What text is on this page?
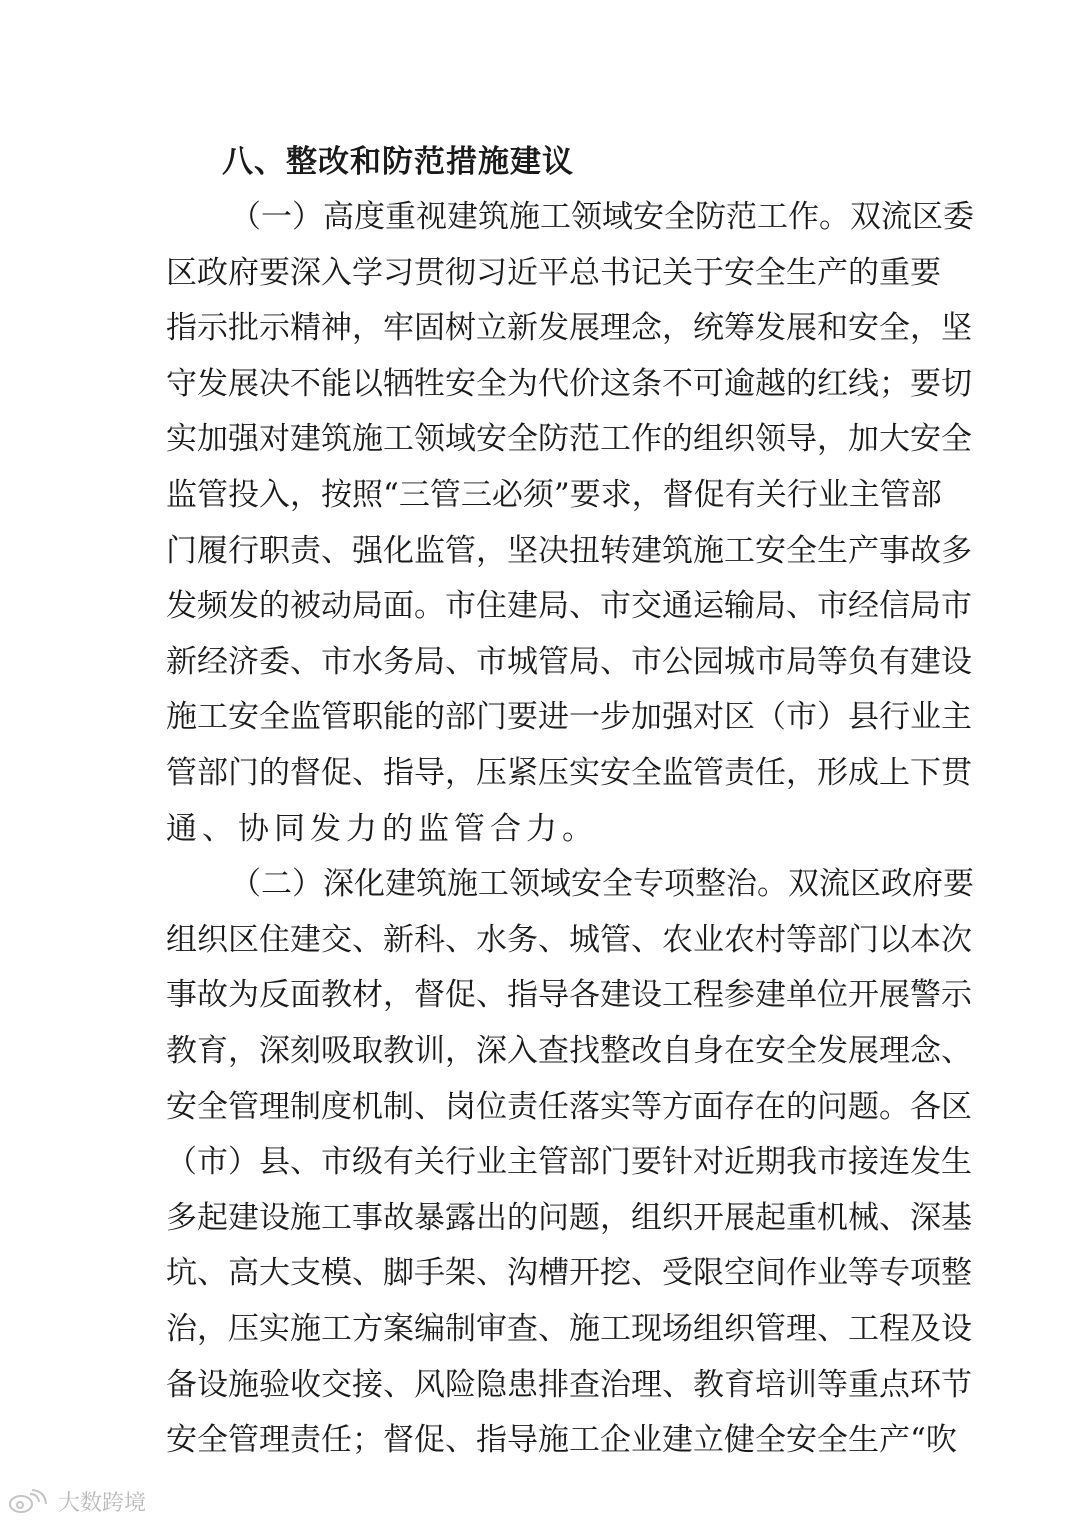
八、整改和防范措施建议
（ 一 ） 高 度 重 视 建 筑 施 工 领 域 安 全 防 范 工 作 。 双 流 区 委
区 政 府 要 深 入 学 习 贯 彻 习 近 平 总 书 记 关 于 安 全 生 产 的 重 要
指 示 批 示 精 神 ， 牢 固 树 立 新 发 展 理 念 ， 统 筹 发 展 和 安 全 ， 坚
守 发 展 决 不 能 以 牺 牲 安 全 为 代 价 这 条 不 可 逾 越 的 红 线 ； 要 切
实 加 强 对 建 筑 施 工 领 域 安 全 防 范 工 作 的 组 织 领 导 ， 加 大 安 全
监 管 投 入 ， 按 照 “ 三 管 三 必 须 ” 要 求 ， 督 促 有 关 行 业 主 管 部
门 履 行 职 责 、 强 化 监 管 ， 坚 决 扭 转 建 筑 施 工 安 全 生 产 事 故 多
发 频 发 的 被 动 局 面 。 市 住 建 局 、 市 交 通 运 输 局 、 市 经 信 局 市
新 经 济 委 、 市 水 务 局 、 市 城 管 局 、 市 公 园 城 市 局 等 负 有 建 设
施 工 安 全 监 管 职 能 的 部 门 要 进 一 步 加 强 对 区 （ 市 ） 县 行 业 主
管 部 门 的 督 促 、 指 导 ， 压 紧 压 实 安 全 监 管 责 任 ， 形 成 上 下 贯
通、协同发力的监管合力。
（ 二 ） 深 化 建 筑 施 工 领 域 安 全 专 项 整 治 。 双 流 区 政 府 要
组 织 区 住 建 交 、 新 科 、 水 务 、 城 管 、 农 业 农 村 等 部 门 以 本 次
事 故 为 反 面 教 材 ， 督 促 、 指 导 各 建 设 工 程 参 建 单 位 开 展 警 示
教 育 ， 深 刻 吸 取 教 训 ， 深 入 查 找 整 改 自 身 在 安 全 发 展 理 念 、
安 全 管 理 制 度 机 制 、 岗 位 责 任 落 实 等 方 面 存 在 的 问 题 。 各 区
（ 市 ） 县 、 市 级 有 关 行 业 主 管 部 门 要 针 对 近 期 我 市 接 连 发 生
多 起 建 设 施 工 事 故 暴 露 出 的 问 题 ， 组 织 开 展 起 重 机 械 、 深 基
坑 、 高 大 支 模 、 脚 手 架 、 沟 槽 开 挖 、 受 限 空 间 作 业 等 专 项 整
治 ， 压 实 施 工 方 案 编 制 审 查 、 施 工 现 场 组 织 管 理 、 工 程 及 设
备 设 施 验 收 交 接 、 风 险 隐 患 排 查 治 理 、 教 育 培 训 等 重 点 环 节
安 全 管 理 责 任 ； 督 促 、 指 导 施 工 企 业 建 立 健 全 安 全 生 产 “ 吹
大数跨境
